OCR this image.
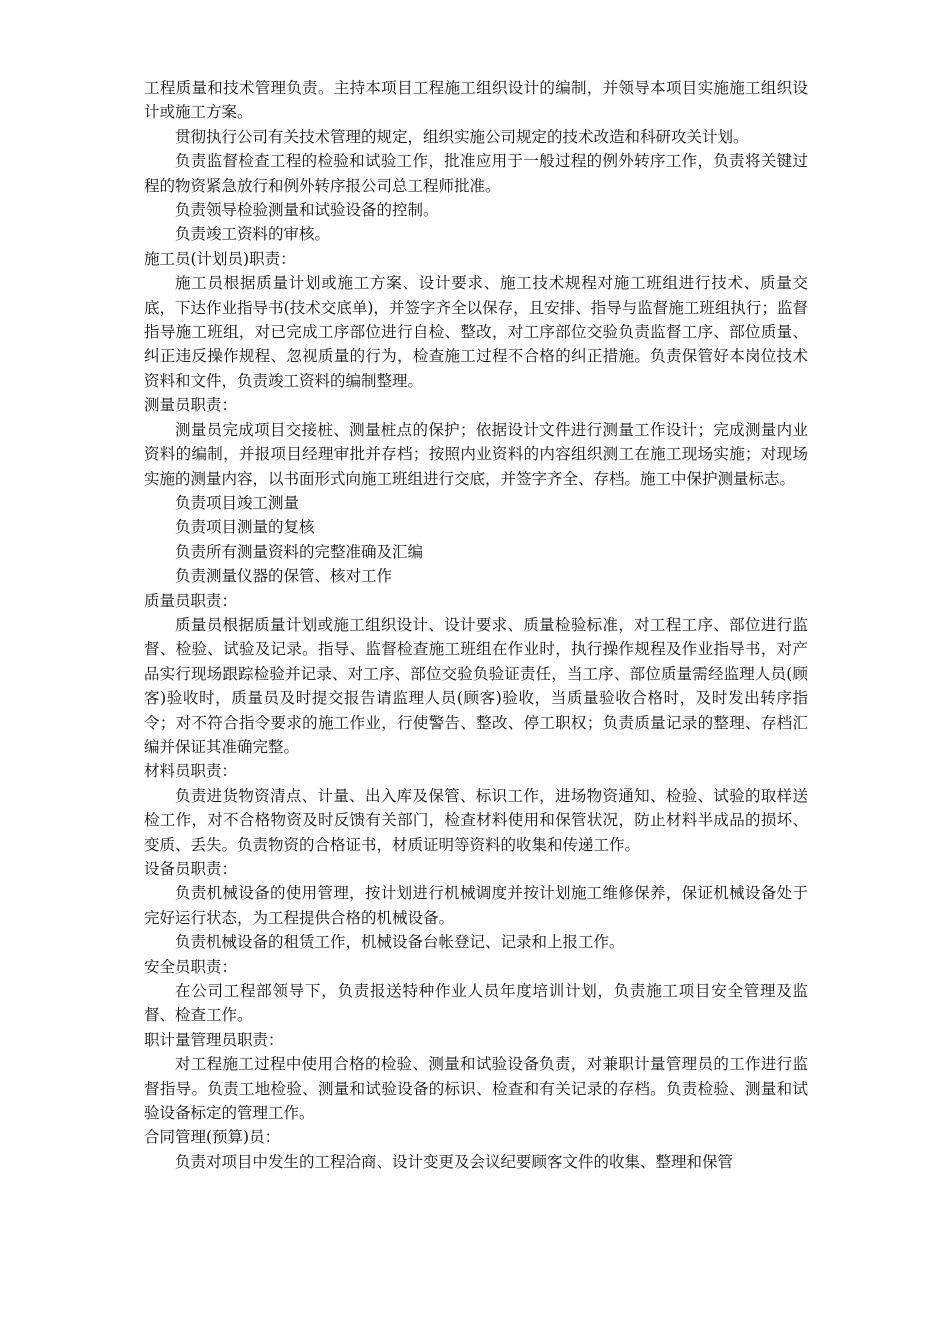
工程质量和技术管理负责。主持本项目工程施工组织设计的编制，并领导本项目实施施工组织设计或施工方案。

贯彻执行公司有关技术管理的规定，组织实施公司规定的技术改造和科研攻关计划。

负责监督检查工程的检验和试验工作，批准应用于一般过程的例外转序工作，负责将关键过程的物资紧急放行和例外转序报公司总工程师批准。

负责领导检验测量和试验设备的控制。

负责竣工资料的审核。

施工员(计划员)职责：

施工员根据质量计划或施工方案、设计要求、施工技术规程对施工班组进行技术、质量交底，下达作业指导书(技术交底单)，并签字齐全以保存，且安排、指导与监督施工班组执行；监督指导施工班组，对已完成工序部位进行自检、整改，对工序部位交验负责监督工序、部位质量、纠正违反操作规程、忽视质量的行为，检查施工过程不合格的纠正措施。负责保管好本岗位技术资料和文件，负责竣工资料的编制整理。

测量员职责：

测量员完成项目交接桩、测量桩点的保护；依据设计文件进行测量工作设计；完成测量内业资料的编制，并报项目经理审批并存档；按照内业资料的内容组织测工在施工现场实施；对现场实施的测量内容，以书面形式向施工班组进行交底，并签字齐全、存档。施工中保护测量标志。

负责项目竣工测量

负责项目测量的复核

负责所有测量资料的完整准确及汇编

负责测量仪器的保管、核对工作

质量员职责：

质量员根据质量计划或施工组织设计、设计要求、质量检验标准，对工程工序、部位进行监督、检验、试验及记录。指导、监督检查施工班组在作业时，执行操作规程及作业指导书，对产品实行现场跟踪检验并记录、对工序、部位交验负验证责任，当工序、部位质量需经监理人员(顾客)验收时，质量员及时提交报告请监理人员(顾客)验收，当质量验收合格时，及时发出转序指令；对不符合指令要求的施工作业，行使警告、整改、停工职权；负责质量记录的整理、存档汇编并保证其准确完整。

材料员职责：

负责进货物资清点、计量、出入库及保管、标识工作，进场物资通知、检验、试验的取样送检工作，对不合格物资及时反馈有关部门，检查材料使用和保管状况，防止材料半成品的损坏、变质、丢失。负责物资的合格证书，材质证明等资料的收集和传递工作。

设备员职责：

负责机械设备的使用管理，按计划进行机械调度并按计划施工维修保养，保证机械设备处于完好运行状态，为工程提供合格的机械设备。

负责机械设备的租赁工作，机械设备台帐登记、记录和上报工作。

安全员职责：

在公司工程部领导下，负责报送特种作业人员年度培训计划，负责施工项目安全管理及监督、检查工作。

职计量管理员职责：

对工程施工过程中使用合格的检验、测量和试验设备负责，对兼职计量管理员的工作进行监督指导。负责工地检验、测量和试验设备的标识、检查和有关记录的存档。负责检验、测量和试验设备标定的管理工作。

合同管理(预算)员：

负责对项目中发生的工程洽商、设计变更及会议纪要顾客文件的收集、整理和保管
